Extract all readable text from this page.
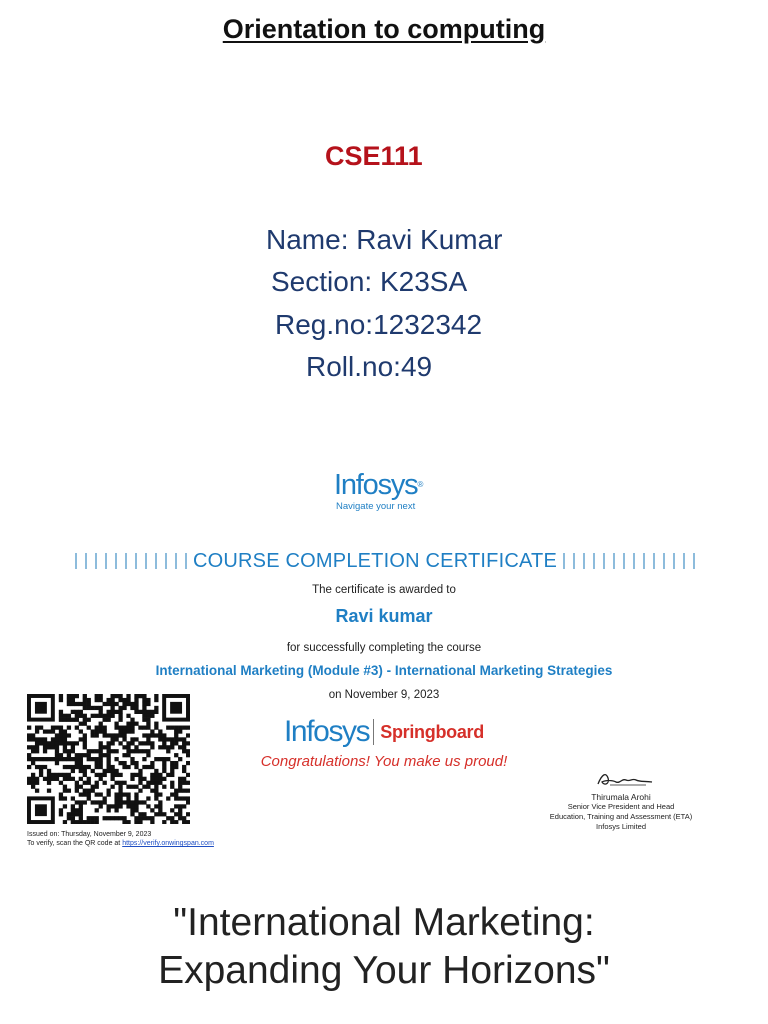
Orientation to computing
CSE111
Name: Ravi Kumar
Section: K23SA
Reg.no:1232342
Roll.no:49
Infosys®
Navigate your next
COURSE COMPLETION CERTIFICATE
The certificate is awarded to
Ravi kumar
for successfully completing the course
International Marketing (Module #3) - International Marketing Strategies
on November 9, 2023
Issued on: Thursday, November 9, 2023
To verify, scan the QR code at https://verify.onwingspan.com
Infosys Springboard
Congratulations! You make us proud!
Thirumala Arohi
Senior Vice President and Head
Education, Training and Assessment (ETA)
Infosys Limited
"International Marketing:
Expanding Your Horizons"
